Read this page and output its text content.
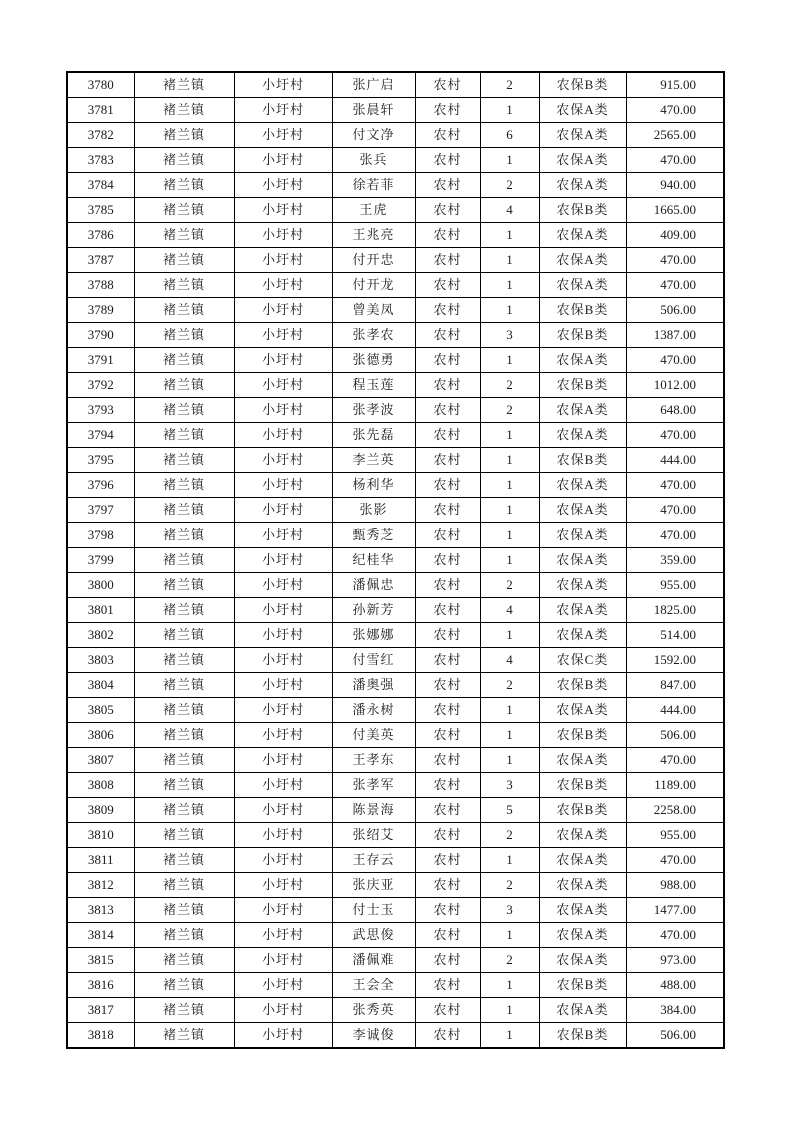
3780	褚兰镇	小圩村	张广启	农村	2	农保B类	915.00
3781	褚兰镇	小圩村	张晨轩	农村	1	农保A类	470.00
3782	褚兰镇	小圩村	付文净	农村	6	农保A类	2565.00
3783	褚兰镇	小圩村	张兵	农村	1	农保A类	470.00
3784	褚兰镇	小圩村	徐若菲	农村	2	农保A类	940.00
3785	褚兰镇	小圩村	王虎	农村	4	农保B类	1665.00
3786	褚兰镇	小圩村	王兆亮	农村	1	农保A类	409.00
3787	褚兰镇	小圩村	付开忠	农村	1	农保A类	470.00
3788	褚兰镇	小圩村	付开龙	农村	1	农保A类	470.00
3789	褚兰镇	小圩村	曾美凤	农村	1	农保B类	506.00
3790	褚兰镇	小圩村	张孝农	农村	3	农保B类	1387.00
3791	褚兰镇	小圩村	张德勇	农村	1	农保A类	470.00
3792	褚兰镇	小圩村	程玉莲	农村	2	农保B类	1012.00
3793	褚兰镇	小圩村	张孝波	农村	2	农保A类	648.00
3794	褚兰镇	小圩村	张先磊	农村	1	农保A类	470.00
3795	褚兰镇	小圩村	李兰英	农村	1	农保B类	444.00
3796	褚兰镇	小圩村	杨利华	农村	1	农保A类	470.00
3797	褚兰镇	小圩村	张影	农村	1	农保A类	470.00
3798	褚兰镇	小圩村	甄秀芝	农村	1	农保A类	470.00
3799	褚兰镇	小圩村	纪桂华	农村	1	农保A类	359.00
3800	褚兰镇	小圩村	潘佩忠	农村	2	农保A类	955.00
3801	褚兰镇	小圩村	孙新芳	农村	4	农保A类	1825.00
3802	褚兰镇	小圩村	张娜娜	农村	1	农保A类	514.00
3803	褚兰镇	小圩村	付雪红	农村	4	农保C类	1592.00
3804	褚兰镇	小圩村	潘奥强	农村	2	农保B类	847.00
3805	褚兰镇	小圩村	潘永树	农村	1	农保A类	444.00
3806	褚兰镇	小圩村	付美英	农村	1	农保B类	506.00
3807	褚兰镇	小圩村	王孝东	农村	1	农保A类	470.00
3808	褚兰镇	小圩村	张孝军	农村	3	农保B类	1189.00
3809	褚兰镇	小圩村	陈景海	农村	5	农保B类	2258.00
3810	褚兰镇	小圩村	张绍艾	农村	2	农保A类	955.00
3811	褚兰镇	小圩村	王存云	农村	1	农保A类	470.00
3812	褚兰镇	小圩村	张庆亚	农村	2	农保A类	988.00
3813	褚兰镇	小圩村	付士玉	农村	3	农保A类	1477.00
3814	褚兰镇	小圩村	武思俊	农村	1	农保A类	470.00
3815	褚兰镇	小圩村	潘佩难	农村	2	农保A类	973.00
3816	褚兰镇	小圩村	王会全	农村	1	农保B类	488.00
3817	褚兰镇	小圩村	张秀英	农村	1	农保A类	384.00
3818	褚兰镇	小圩村	李诚俊	农村	1	农保B类	506.00
